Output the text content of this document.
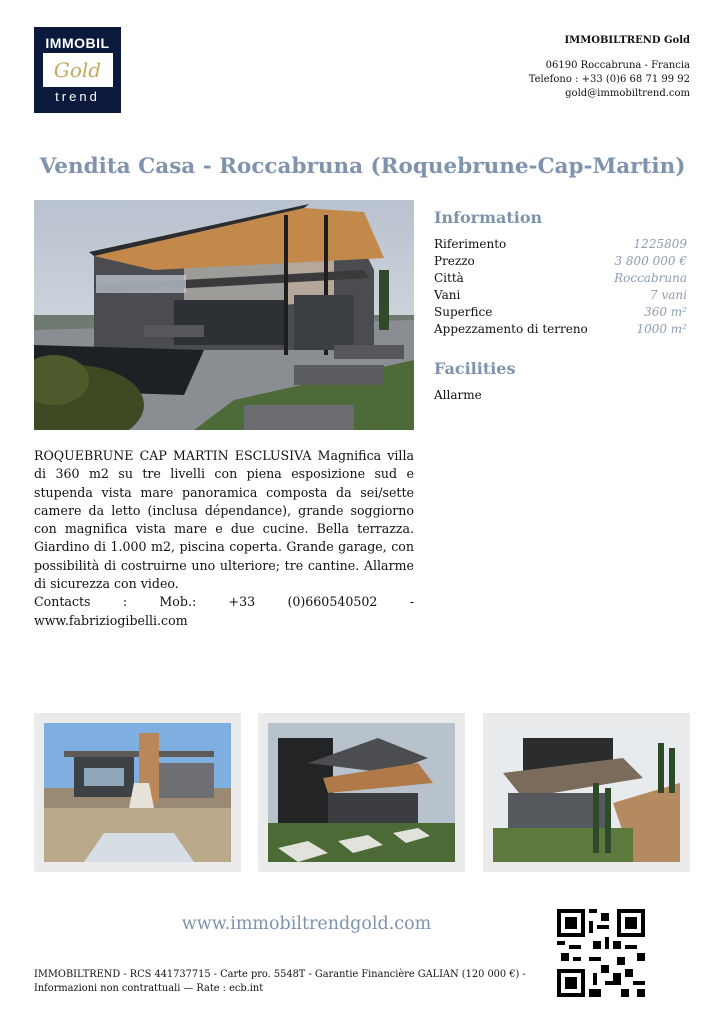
IMMOBIL
Gold
trend
IMMOBILTREND Gold
06190 Roccabruna - Francia
Telefono : +33 (0)6 68 71 99 92
gold@immobiltrend.com
Vendita Casa - Roccabruna (Roquebrune-Cap-Martin)
Information
Riferimento	1225809
Prezzo	3 800 000 €
Città	Roccabruna
Vani	7 vani
Superfice	360 m²
Appezzamento di terreno	1000 m²
Facilities
Allarme

ROQUEBRUNE CAP MARTIN ESCLUSIVA Magnifica villa di 360 m2 su tre livelli con piena esposizione sud e stupenda vista mare panoramica composta da sei/sette camere da letto (inclusa dépendance), grande soggiorno con magnifica vista mare e due cucine. Bella terrazza. Giardino di 1.000 m2, piscina coperta. Grande garage, con possibilità di costruirne uno ulteriore; tre cantine. Allarme di sicurezza con video.

Contacts : Mob.: +33 (0)660540502 - www.fabriziogibelli.com

www.immobiltrendgold.com
IMMOBILTREND - RCS 441737715 - Carte pro. 5548T - Garantie Financière GALIAN (120 000 €) -
Informazioni non contrattuali — Rate : ecb.int
